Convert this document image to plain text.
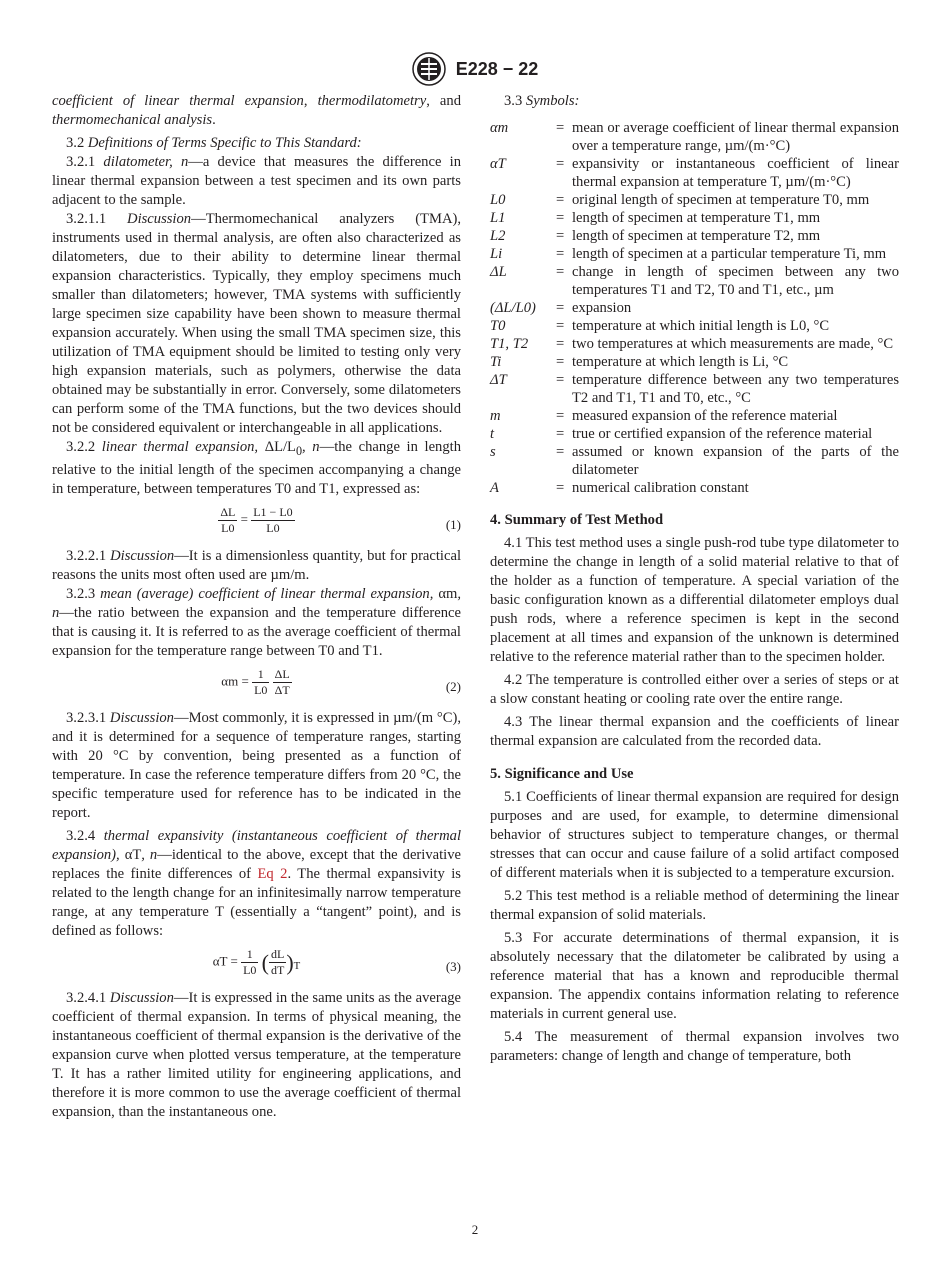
E228 − 22

coefficient of linear thermal expansion, thermodilatometry, and thermomechanical analysis.

3.2 Definitions of Terms Specific to This Standard:

3.2.1 dilatometer, n—a device that measures the difference in linear thermal expansion between a test specimen and its own parts adjacent to the sample.

3.2.1.1 Discussion—Thermomechanical analyzers (TMA), instruments used in thermal analysis, are often also characterized as dilatometers, due to their ability to determine linear thermal expansion characteristics. Typically, they employ specimens much smaller than dilatometers; however, TMA systems with sufficiently large specimen size capability have been shown to measure thermal expansion accurately. When using the small TMA specimen size, this utilization of TMA equipment should be limited to testing only very high expansion materials, such as polymers, otherwise the data obtained may be substantially in error. Conversely, some dilatometers can perform some of the TMA functions, but the two devices should not be considered equivalent or interchangeable in all applications.

3.2.2 linear thermal expansion, $\Delta L/L_0$, n—the change in length relative to the initial length of the specimen accompanying a change in temperature, between temperatures T0 and T1, expressed as:

$\frac{\Delta L}{L0} = \frac{L1 - L0}{L0}$	(1)

3.2.2.1 Discussion—It is a dimensionless quantity, but for practical reasons the units most often used are µm/m.

3.2.3 mean (average) coefficient of linear thermal expansion, αm, n—the ratio between the expansion and the temperature difference that is causing it. It is referred to as the average coefficient of thermal expansion for the temperature range between T0 and T1.

$\alpha m = \frac{1}{L0}$
$\frac{\Delta L}{\Delta T}$	(2)

3.2.3.1 Discussion—Most commonly, it is expressed in µm/(m °C), and it is determined for a sequence of temperature ranges, starting with 20 °C by convention, being presented as a function of temperature. In case the reference temperature differs from 20 °C, the specific temperature used for reference has to be indicated in the report.

3.2.4 thermal expansivity (instantaneous coefficient of thermal expansion), αT, n—identical to the above, except that the derivative replaces the finite differences of Eq 2. The thermal expansivity is related to the length change for an infinitesimally narrow temperature range, at any temperature T (essentially a “tangent” point), and is defined as follows:

$\alpha T = \frac{1}{L0}$ ( $\frac{dL}{dT} )_T$	(3)

3.2.4.1 Discussion—It is expressed in the same units as the average coefficient of thermal expansion. In terms of physical meaning, the instantaneous coefficient of thermal expansion is the derivative of the expansion curve when plotted versus temperature, at the temperature T. It has a rather limited utility for engineering applications, and therefore it is more common to use the average coefficient of thermal expansion, than the instantaneous one.

3.3 Symbols:

αm	=	mean or average coefficient of linear thermal expansion over a temperature range, µm/(m·°C)
αT	=	expansivity or instantaneous coefficient of linear thermal expansion at temperature T, µm/(m·°C)
L0	=	original length of specimen at temperature T0, mm
L1	=	length of specimen at temperature T1, mm
L2	=	length of specimen at temperature T2, mm
Li	=	length of specimen at a particular temperature Ti, mm
ΔL	=	change in length of specimen between any two temperatures T1 and T2, T0 and T1, etc., µm
(ΔL/L0)	=	expansion
T0	=	temperature at which initial length is L0, °C
T1, T2	=	two temperatures at which measurements are made, °C
Ti	=	temperature at which length is Li, °C
ΔT	=	temperature difference between any two temperatures T2 and T1, T1 and T0, etc., °C
m	=	measured expansion of the reference material
t	=	true or certified expansion of the reference material
s	=	assumed or known expansion of the parts of the dilatometer
A	=	numerical calibration constant
4. Summary of Test Method

4.1 This test method uses a single push-rod tube type dilatometer to determine the change in length of a solid material relative to that of the holder as a function of temperature. A special variation of the basic configuration known as a differential dilatometer employs dual push rods, where a reference specimen is kept in the second placement at all times and expansion of the unknown is determined relative to the reference material rather than to the specimen holder.

4.2 The temperature is controlled either over a series of steps or at a slow constant heating or cooling rate over the entire range.

4.3 The linear thermal expansion and the coefficients of linear thermal expansion are calculated from the recorded data.

5. Significance and Use

5.1 Coefficients of linear thermal expansion are required for design purposes and are used, for example, to determine dimensional behavior of structures subject to temperature changes, or thermal stresses that can occur and cause failure of a solid artifact composed of different materials when it is subjected to a temperature excursion.

5.2 This test method is a reliable method of determining the linear thermal expansion of solid materials.

5.3 For accurate determinations of thermal expansion, it is absolutely necessary that the dilatometer be calibrated by using a reference material that has a known and reproducible thermal expansion. The appendix contains information relating to reference materials in current general use.

5.4 The measurement of thermal expansion involves two parameters: change of length and change of temperature, both

2
